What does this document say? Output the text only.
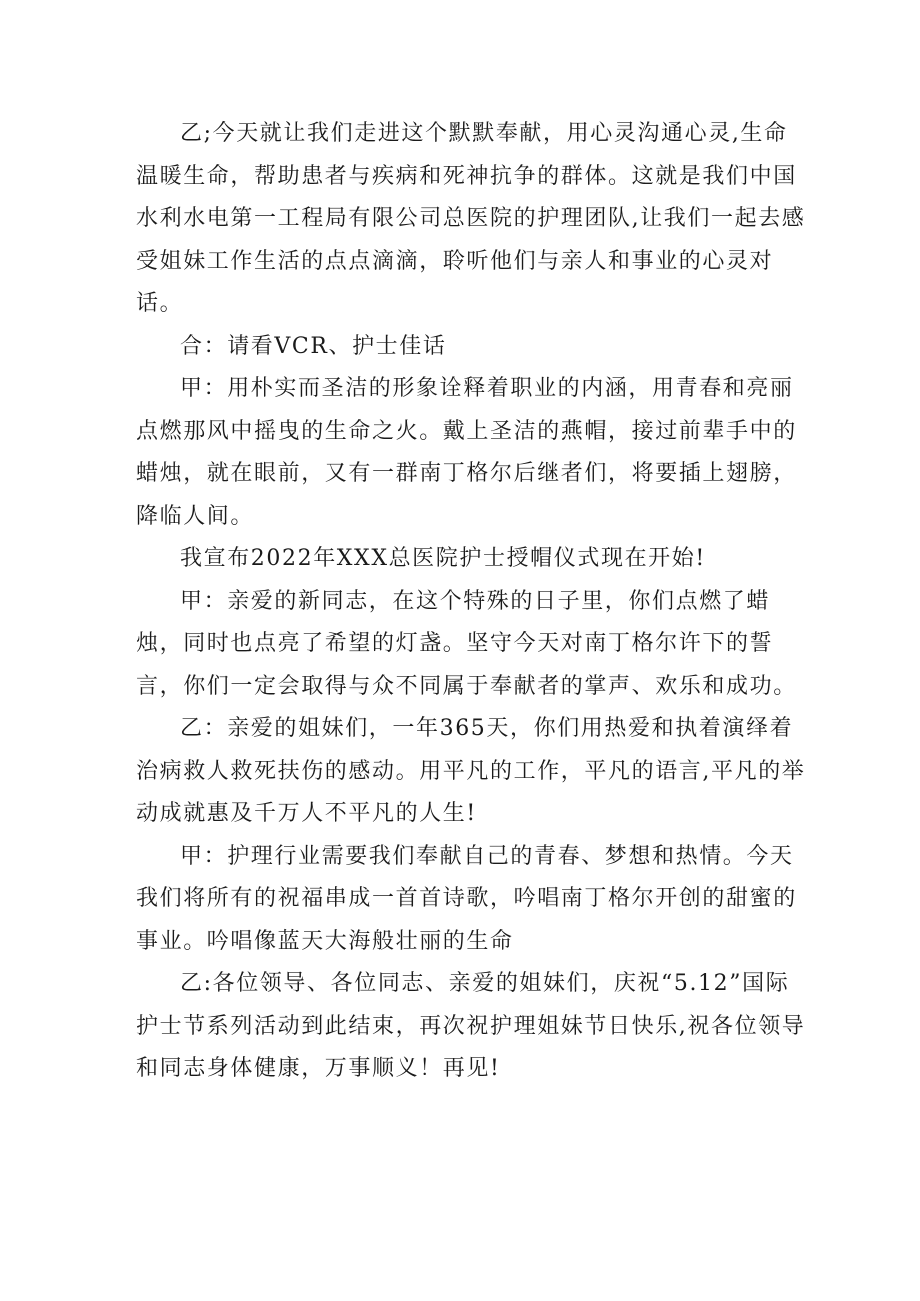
乙;今天就让我们走进这个默默奉献，用心灵沟通心灵,生命温暖生命，帮助患者与疾病和死神抗争的群体。这就是我们中国水利水电第一工程局有限公司总医院的护理团队,让我们一起去感受姐妹工作生活的点点滴滴，聆听他们与亲人和事业的心灵对话。

合：请看VCR、护士佳话

甲：用朴实而圣洁的形象诠释着职业的内涵，用青春和亮丽点燃那风中摇曳的生命之火。戴上圣洁的燕帽，接过前辈手中的蜡烛，就在眼前，又有一群南丁格尔后继者们，将要插上翅膀，降临人间。

我宣布2022年XXX总医院护士授帽仪式现在开始!

甲：亲爱的新同志，在这个特殊的日子里，你们点燃了蜡烛，同时也点亮了希望的灯盏。坚守今天对南丁格尔许下的誓言，你们一定会取得与众不同属于奉献者的掌声、欢乐和成功。

乙：亲爱的姐妹们，一年365天，你们用热爱和执着演绎着治病救人救死扶伤的感动。用平凡的工作，平凡的语言,平凡的举动成就惠及千万人不平凡的人生!

甲：护理行业需要我们奉献自己的青春、梦想和热情。今天我们将所有的祝福串成一首首诗歌，吟唱南丁格尔开创的甜蜜的事业。吟唱像蓝天大海般壮丽的生命

乙:各位领导、各位同志、亲爱的姐妹们，庆祝“5.12”国际护士节系列活动到此结束，再次祝护理姐妹节日快乐,祝各位领导和同志身体健康，万事顺义！再见!
